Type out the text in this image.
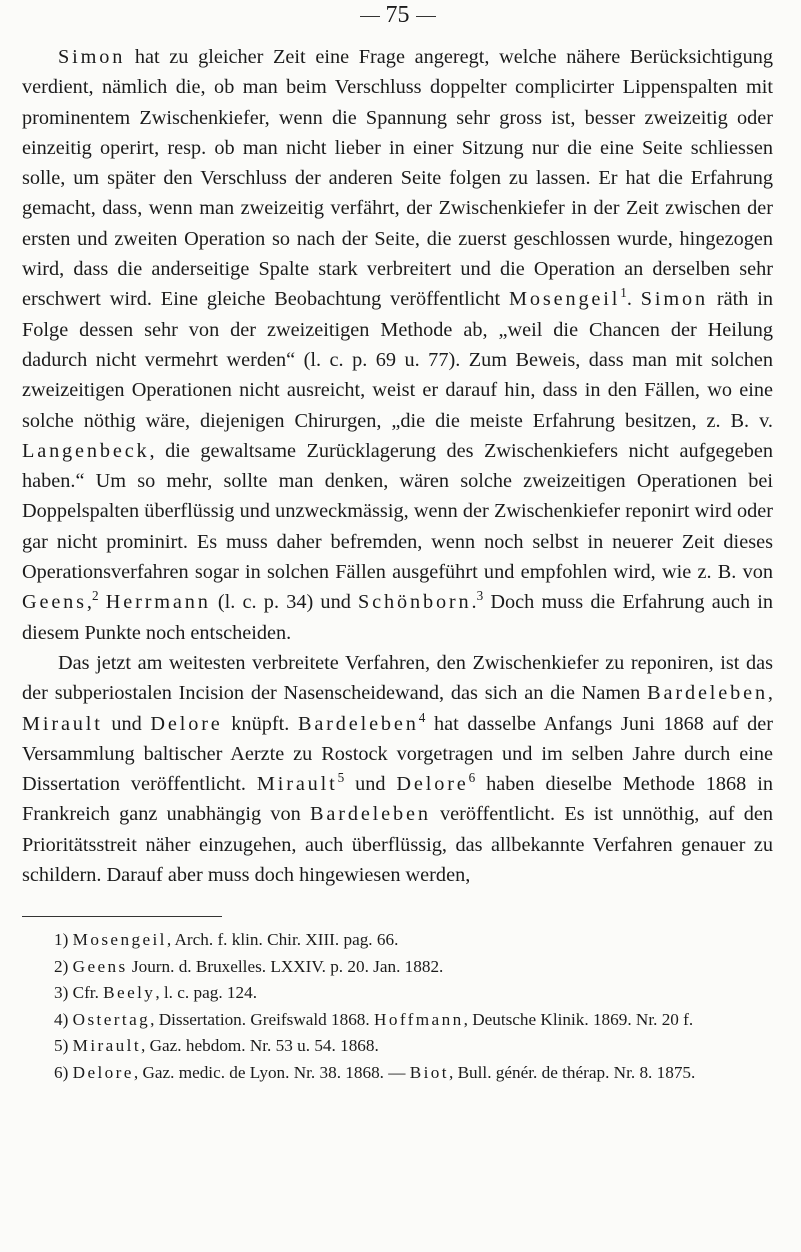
75

Simon hat zu gleicher Zeit eine Frage angeregt, welche nähere Berücksichtigung verdient, nämlich die, ob man beim Verschluss doppelter complicirter Lippenspalten mit prominentem Zwischenkiefer, wenn die Spannung sehr gross ist, besser zweizeitig oder einzeitig operirt, resp. ob man nicht lieber in einer Sitzung nur die eine Seite schliessen solle, um später den Verschluss der anderen Seite folgen zu lassen. Er hat die Erfahrung gemacht, dass, wenn man zweizeitig verfährt, der Zwischenkiefer in der Zeit zwischen der ersten und zweiten Operation so nach der Seite, die zuerst geschlossen wurde, hingezogen wird, dass die anderseitige Spalte stark verbreitert und die Operation an derselben sehr erschwert wird. Eine gleiche Beobachtung veröffentlicht Mosengeil$^1$. Simon räth in Folge dessen sehr von der zweizeitigen Methode ab, „weil die Chancen der Heilung dadurch nicht vermehrt werden“ (l. c. p. 69 u. 77). Zum Beweis, dass man mit solchen zweizeitigen Operationen nicht ausreicht, weist er darauf hin, dass in den Fällen, wo eine solche nöthig wäre, diejenigen Chirurgen, „die die meiste Erfahrung besitzen, z. B. v. Langenbeck, die gewaltsame Zurücklagerung des Zwischenkiefers nicht aufgegeben haben.“ Um so mehr, sollte man denken, wären solche zweizeitigen Operationen bei Doppelspalten überflüssig und unzweckmässig, wenn der Zwischenkiefer reponirt wird oder gar nicht prominirt. Es muss daher befremden, wenn noch selbst in neuerer Zeit dieses Operationsverfahren sogar in solchen Fällen ausgeführt und empfohlen wird, wie z. B. von Geens,$^2$ Herrmann (l. c. p. 34) und Schönborn.$^3$ Doch muss die Erfahrung auch in diesem Punkte noch entscheiden.

Das jetzt am weitesten verbreitete Verfahren, den Zwischenkiefer zu reponiren, ist das der subperiostalen Incision der Nasenscheidewand, das sich an die Namen Bardeleben, Mirault und Delore knüpft. Bardeleben$^4$ hat dasselbe Anfangs Juni 1868 auf der Versammlung baltischer Aerzte zu Rostock vorgetragen und im selben Jahre durch eine Dissertation veröffentlicht. Mirault$^5$ und Delore$^6$ haben dieselbe Methode 1868 in Frankreich ganz unabhängig von Bardeleben veröffentlicht. Es ist unnöthig, auf den Prioritätsstreit näher einzugehen, auch überflüssig, das allbekannte Verfahren genauer zu schildern. Darauf aber muss doch hingewiesen werden,

1) Mosengeil, Arch. f. klin. Chir. XIII. pag. 66.

2) Geens Journ. d. Bruxelles. LXXIV. p. 20. Jan. 1882.

3) Cfr. Beely, l. c. pag. 124.

4) Ostertag, Dissertation. Greifswald 1868. Hoffmann, Deutsche Klinik. 1869. Nr. 20 f.

5) Mirault, Gaz. hebdom. Nr. 53 u. 54. 1868.

6) Delore, Gaz. medic. de Lyon. Nr. 38. 1868. — Biot, Bull. génér. de thérap. Nr. 8. 1875.
